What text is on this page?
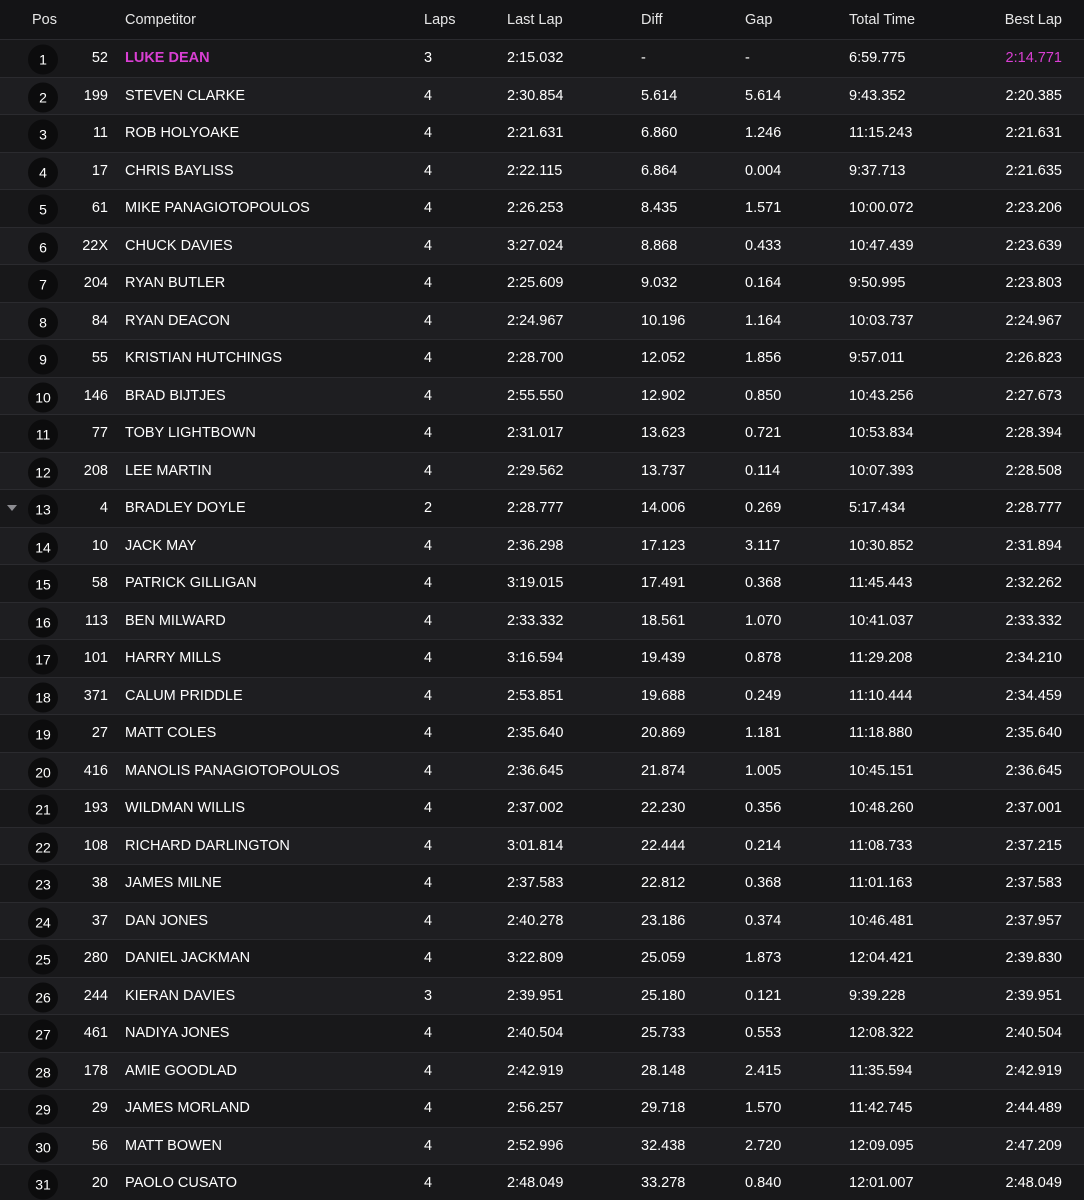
Pos	Competitor	Laps	Last Lap	Diff	Gap	Total Time	Best Lap
1	52 LUKE DEAN	3	2:15.032	-	-	6:59.775	2:14.771
2	199 STEVEN CLARKE	4	2:30.854	5.614	5.614	9:43.352	2:20.385
3	11 ROB HOLYOAKE	4	2:21.631	6.860	1.246	11:15.243	2:21.631
4	17 CHRIS BAYLISS	4	2:22.115	6.864	0.004	9:37.713	2:21.635
5	61 MIKE PANAGIOTOPOULOS	4	2:26.253	8.435	1.571	10:00.072	2:23.206
6	22X CHUCK DAVIES	4	3:27.024	8.868	0.433	10:47.439	2:23.639
7	204 RYAN BUTLER	4	2:25.609	9.032	0.164	9:50.995	2:23.803
8	84 RYAN DEACON	4	2:24.967	10.196	1.164	10:03.737	2:24.967
9	55 KRISTIAN HUTCHINGS	4	2:28.700	12.052	1.856	9:57.011	2:26.823
10	146 BRAD BIJTJES	4	2:55.550	12.902	0.850	10:43.256	2:27.673
11	77 TOBY LIGHTBOWN	4	2:31.017	13.623	0.721	10:53.834	2:28.394
12	208 LEE MARTIN	4	2:29.562	13.737	0.114	10:07.393	2:28.508
13	4 BRADLEY DOYLE	2	2:28.777	14.006	0.269	5:17.434	2:28.777
14	10 JACK MAY	4	2:36.298	17.123	3.117	10:30.852	2:31.894
15	58 PATRICK GILLIGAN	4	3:19.015	17.491	0.368	11:45.443	2:32.262
16	113 BEN MILWARD	4	2:33.332	18.561	1.070	10:41.037	2:33.332
17	101 HARRY MILLS	4	3:16.594	19.439	0.878	11:29.208	2:34.210
18	371 CALUM PRIDDLE	4	2:53.851	19.688	0.249	11:10.444	2:34.459
19	27 MATT COLES	4	2:35.640	20.869	1.181	11:18.880	2:35.640
20	416 MANOLIS PANAGIOTOPOULOS	4	2:36.645	21.874	1.005	10:45.151	2:36.645
21	193 WILDMAN WILLIS	4	2:37.002	22.230	0.356	10:48.260	2:37.001
22	108 RICHARD DARLINGTON	4	3:01.814	22.444	0.214	11:08.733	2:37.215
23	38 JAMES MILNE	4	2:37.583	22.812	0.368	11:01.163	2:37.583
24	37 DAN JONES	4	2:40.278	23.186	0.374	10:46.481	2:37.957
25	280 DANIEL JACKMAN	4	3:22.809	25.059	1.873	12:04.421	2:39.830
26	244 KIERAN DAVIES	3	2:39.951	25.180	0.121	9:39.228	2:39.951
27	461 NADIYA JONES	4	2:40.504	25.733	0.553	12:08.322	2:40.504
28	178 AMIE GOODLAD	4	2:42.919	28.148	2.415	11:35.594	2:42.919
29	29 JAMES MORLAND	4	2:56.257	29.718	1.570	11:42.745	2:44.489
30	56 MATT BOWEN	4	2:52.996	32.438	2.720	12:09.095	2:47.209
31	20 PAOLO CUSATO	4	2:48.049	33.278	0.840	12:01.007	2:48.049
